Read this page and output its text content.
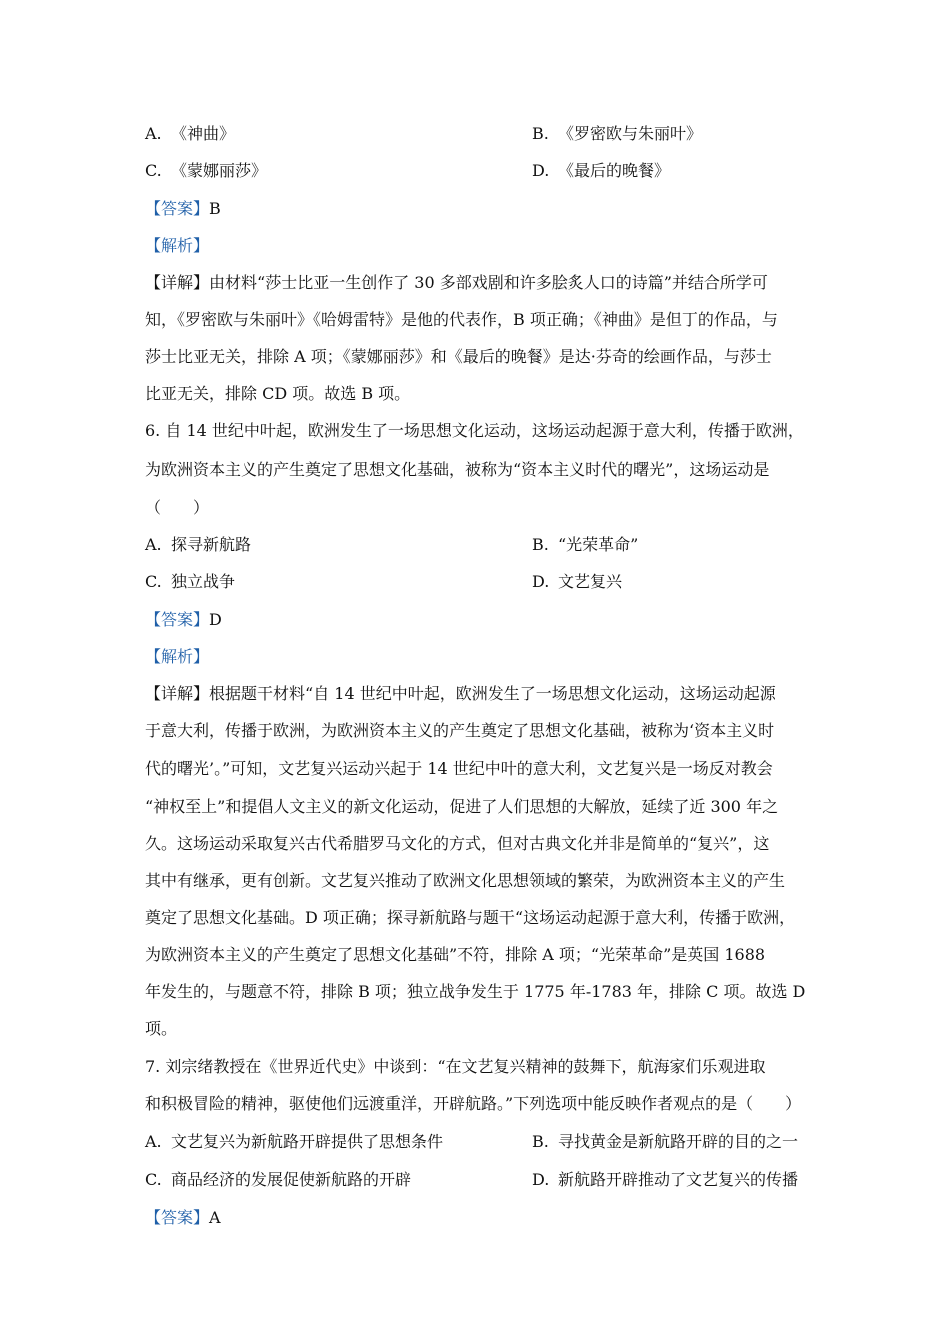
A. 《神曲》	B. 《罗密欧与朱丽叶》
C. 《蒙娜丽莎》	D. 《最后的晚餐》
【答案】B
【解析】
【详解】由材料“莎士比亚一生创作了 30 多部戏剧和许多脍炙人口的诗篇”并结合所学可
知，《罗密欧与朱丽叶》《哈姆雷特》是他的代表作，B 项正确；《神曲》是但丁的作品，与
莎士比亚无关，排除 A 项；《蒙娜丽莎》和《最后的晚餐》是达·芬奇的绘画作品，与莎士
比亚无关，排除 CD 项。故选 B 项。
6. 自 14 世纪中叶起，欧洲发生了一场思想文化运动，这场运动起源于意大利，传播于欧洲，
为欧洲资本主义的产生奠定了思想文化基础，被称为“资本主义时代的曙光”，这场运动是
（　　）
A. 探寻新航路	B. “光荣革命”
C. 独立战争	D. 文艺复兴
【答案】D
【解析】
【详解】根据题干材料“自 14 世纪中叶起，欧洲发生了一场思想文化运动，这场运动起源
于意大利，传播于欧洲，为欧洲资本主义的产生奠定了思想文化基础，被称为‘资本主义时
代的曙光’。”可知，文艺复兴运动兴起于 14 世纪中叶的意大利，文艺复兴是一场反对教会
“神权至上”和提倡人文主义的新文化运动，促进了人们思想的大解放，延续了近 300 年之
久。这场运动采取复兴古代希腊罗马文化的方式，但对古典文化并非是简单的“复兴”，这
其中有继承，更有创新。文艺复兴推动了欧洲文化思想领域的繁荣，为欧洲资本主义的产生
奠定了思想文化基础。D 项正确；探寻新航路与题干“这场运动起源于意大利，传播于欧洲，
为欧洲资本主义的产生奠定了思想文化基础”不符，排除 A 项；“光荣革命”是英国 1688
年发生的，与题意不符，排除 B 项；独立战争发生于 1775 年-1783 年，排除 C 项。故选 D
项。
7. 刘宗绪教授在《世界近代史》中谈到：“在文艺复兴精神的鼓舞下，航海家们乐观进取
和积极冒险的精神，驱使他们远渡重洋，开辟航路。”下列选项中能反映作者观点的是（　　）
A. 文艺复兴为新航路开辟提供了思想条件	B. 寻找黄金是新航路开辟的目的之一
C. 商品经济的发展促使新航路的开辟	D. 新航路开辟推动了文艺复兴的传播
【答案】A
